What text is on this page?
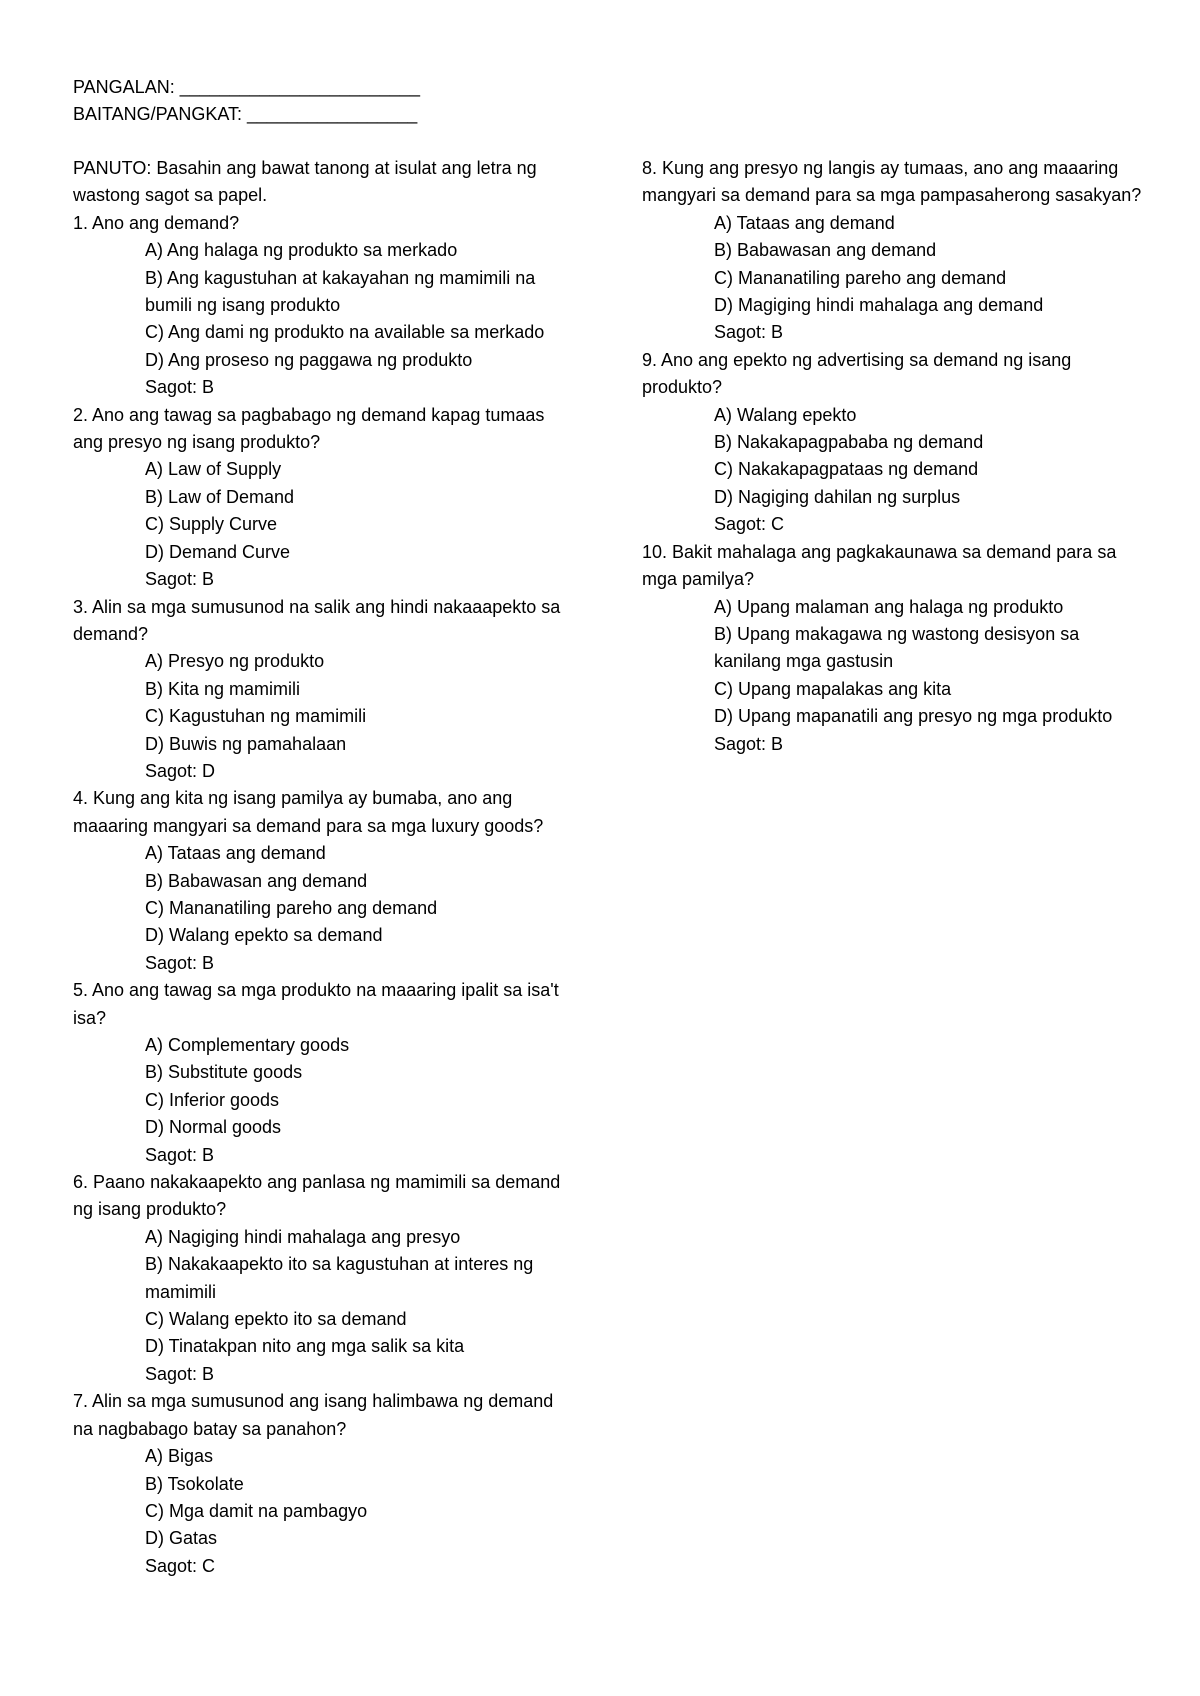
PANGALAN: ________________________
BAITANG/PANGKAT: _________________
PANUTO: Basahin ang bawat tanong at isulat ang letra ng wastong sagot sa papel.
1. Ano ang demand?
A) Ang halaga ng produkto sa merkado
B) Ang kagustuhan at kakayahan ng mamimili na bumili ng isang produkto
C) Ang dami ng produkto na available sa merkado
D) Ang proseso ng paggawa ng produkto
Sagot: B
2. Ano ang tawag sa pagbabago ng demand kapag tumaas ang presyo ng isang produkto?
A) Law of Supply
B) Law of Demand
C) Supply Curve
D) Demand Curve
Sagot: B
3. Alin sa mga sumusunod na salik ang hindi nakaaapekto sa demand?
A) Presyo ng produkto
B) Kita ng mamimili
C) Kagustuhan ng mamimili
D) Buwis ng pamahalaan
Sagot: D
4. Kung ang kita ng isang pamilya ay bumaba, ano ang maaaring mangyari sa demand para sa mga luxury goods?
A) Tataas ang demand
B) Babawasan ang demand
C) Mananatiling pareho ang demand
D) Walang epekto sa demand
Sagot: B
5. Ano ang tawag sa mga produkto na maaaring ipalit sa isa't isa?
A) Complementary goods
B) Substitute goods
C) Inferior goods
D) Normal goods
Sagot: B
6. Paano nakakaapekto ang panlasa ng mamimili sa demand ng isang produkto?
A) Nagiging hindi mahalaga ang presyo
B) Nakakaapekto ito sa kagustuhan at interes ng mamimili
C) Walang epekto ito sa demand
D) Tinatakpan nito ang mga salik sa kita
Sagot: B
7. Alin sa mga sumusunod ang isang halimbawa ng demand na nagbabago batay sa panahon?
A) Bigas
B) Tsokolate
C) Mga damit na pambagyo
D) Gatas
Sagot: C
8. Kung ang presyo ng langis ay tumaas, ano ang maaaring mangyari sa demand para sa mga pampasaherong sasakyan?
A) Tataas ang demand
B) Babawasan ang demand
C) Mananatiling pareho ang demand
D) Magiging hindi mahalaga ang demand
Sagot: B
9. Ano ang epekto ng advertising sa demand ng isang produkto?
A) Walang epekto
B) Nakakapagpababa ng demand
C) Nakakapagpataas ng demand
D) Nagiging dahilan ng surplus
Sagot: C
10. Bakit mahalaga ang pagkakaunawa sa demand para sa mga pamilya?
A) Upang malaman ang halaga ng produkto
B) Upang makagawa ng wastong desisyon sa kanilang mga gastusin
C) Upang mapalakas ang kita
D) Upang mapanatili ang presyo ng mga produkto
Sagot: B
